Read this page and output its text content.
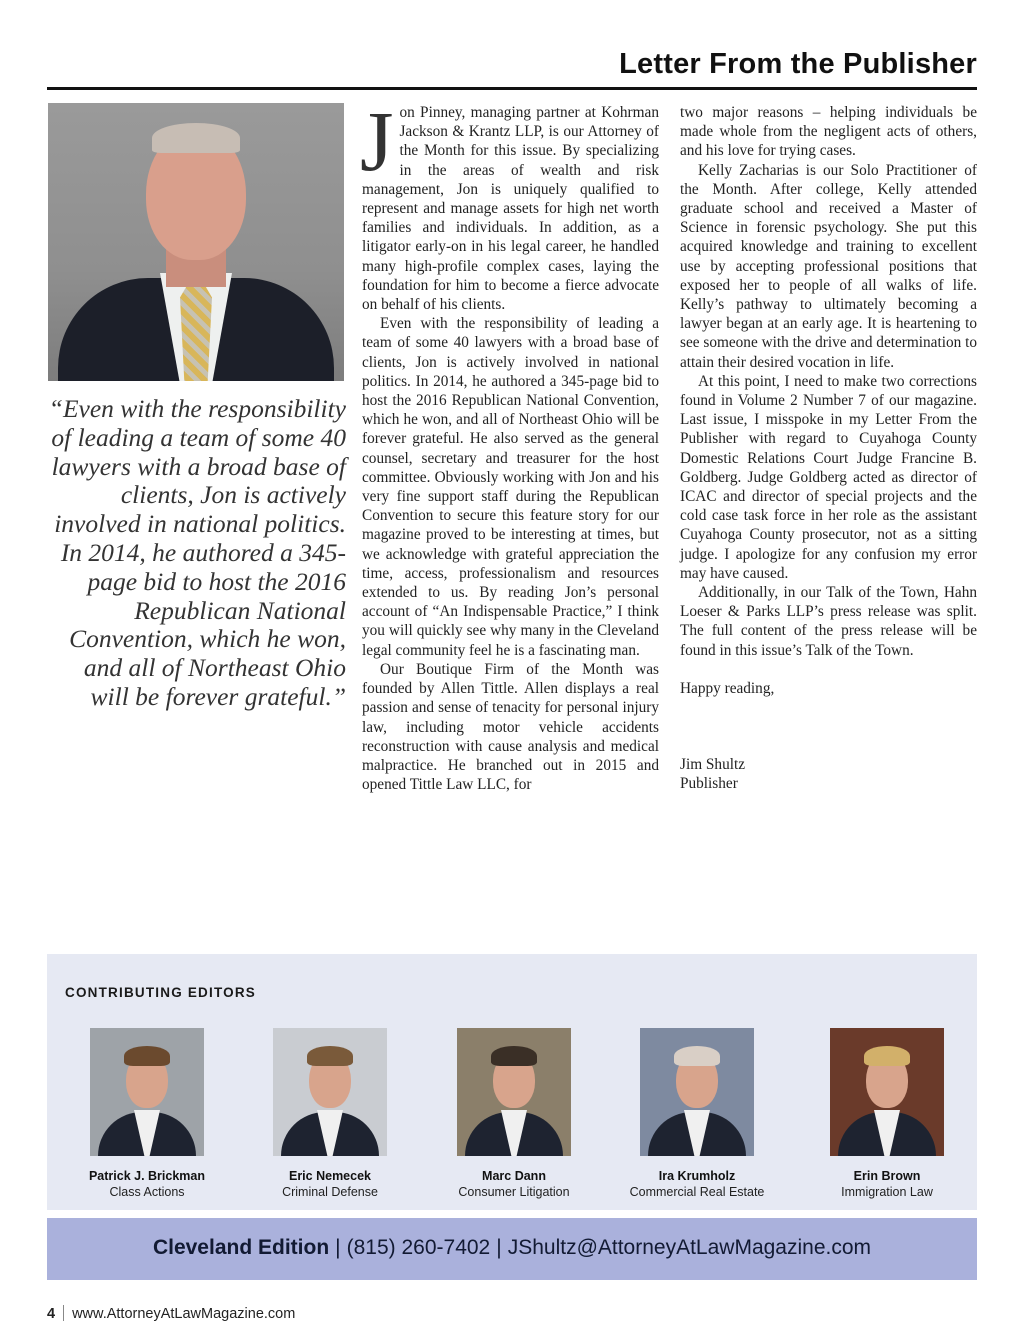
Letter From the Publisher
“Even with the responsibility of leading a team of some 40 lawyers with a broad base of clients, Jon is actively involved in national politics. In 2014, he authored a 345-page bid to host the 2016 Republican National Convention, which he won, and all of Northeast Ohio will be forever grateful.”

Jon Pinney, managing partner at Kohrman Jackson & Krantz LLP, is our Attorney of the Month for this issue. By specializing in the areas of wealth and risk management, Jon is uniquely qualified to represent and manage assets for high net worth families and individuals. In addition, as a litigator early-on in his legal career, he handled many high-profile complex cases, laying the foundation for him to become a fierce advocate on behalf of his clients.

Even with the responsibility of leading a team of some 40 lawyers with a broad base of clients, Jon is actively involved in national politics. In 2014, he authored a 345-page bid to host the 2016 Republican National Convention, which he won, and all of Northeast Ohio will be forever grateful. He also served as the general counsel, secretary and treasurer for the host committee. Obviously working with Jon and his very fine support staff during the Republican Convention to secure this feature story for our magazine proved to be interesting at times, but we acknowledge with grateful appreciation the time, access, professionalism and resources extended to us. By reading Jon’s personal account of “An Indispensable Practice,” I think you will quickly see why many in the Cleveland legal community feel he is a fascinating man.

Our Boutique Firm of the Month was founded by Allen Tittle. Allen displays a real passion and sense of tenacity for personal injury law, including motor vehicle accidents reconstruction with cause analysis and medical malpractice. He branched out in 2015 and opened Tittle Law LLC, for

two major reasons – helping individuals be made whole from the negligent acts of others, and his love for trying cases.

Kelly Zacharias is our Solo Practitioner of the Month. After college, Kelly attended graduate school and received a Master of Science in forensic psychology. She put this acquired knowledge and training to excellent use by accepting professional positions that exposed her to people of all walks of life. Kelly’s pathway to ultimately becoming a lawyer began at an early age. It is heartening to see someone with the drive and determination to attain their desired vocation in life.

At this point, I need to make two corrections found in Volume 2 Number 7 of our magazine. Last issue, I misspoke in my Letter From the Publisher with regard to Cuyahoga County Domestic Relations Court Judge Francine B. Goldberg. Judge Goldberg acted as director of ICAC and director of special projects and the cold case task force in her role as the assistant Cuyahoga County prosecutor, not as a sitting judge. I apologize for any confusion my error may have caused.

Additionally, in our Talk of the Town, Hahn Loeser & Parks LLP’s press release was split. The full content of the press release will be found in this issue’s Talk of the Town.

Happy reading,

Jim Shultz

Publisher

CONTRIBUTING EDITORS
Patrick J. Brickman
Class Actions
Eric Nemecek
Criminal Defense
Marc Dann
Consumer Litigation
Ira Krumholz
Commercial Real Estate
Erin Brown
Immigration Law
Cleveland Edition | (815) 260-7402 | JShultz@AttorneyAtLawMagazine.com
4 www.AttorneyAtLawMagazine.com
